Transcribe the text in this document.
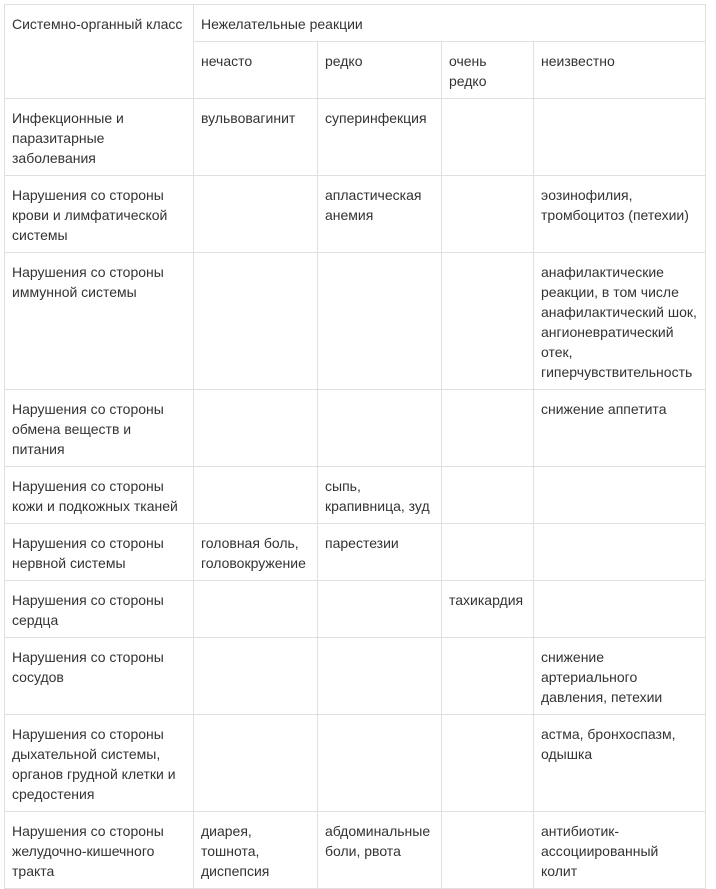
Системно-органный класс	Нежелательные реакции			
	нечасто	редко	очень редко	неизвестно
Инфекционные и паразитарные заболевания	вульвовагинит	суперинфекция		
Нарушения со стороны крови и лимфатической системы		апластическая анемия		эозинофилия, тромбоцитоз (петехии)
Нарушения со стороны иммунной системы				анафилактические реакции, в том числе анафилактический шок, ангионевратический отек, гиперчувствительность
Нарушения со стороны обмена веществ и питания				снижение аппетита
Нарушения со стороны кожи и подкожных тканей		сыпь, крапивница, зуд		
Нарушения со стороны нервной системы	головная боль, головокружение	парестезии		
Нарушения со стороны сердца			тахикардия	
Нарушения со стороны сосудов				снижение артериального давления, петехии
Нарушения со стороны дыхательной системы, органов грудной клетки и средостения				астма, бронхоспазм, одышка
Нарушения со стороны желудочно-кишечного тракта	диарея, тошнота, диспепсия	абдоминальные боли, рвота		антибиотик-ассоциированный колит
